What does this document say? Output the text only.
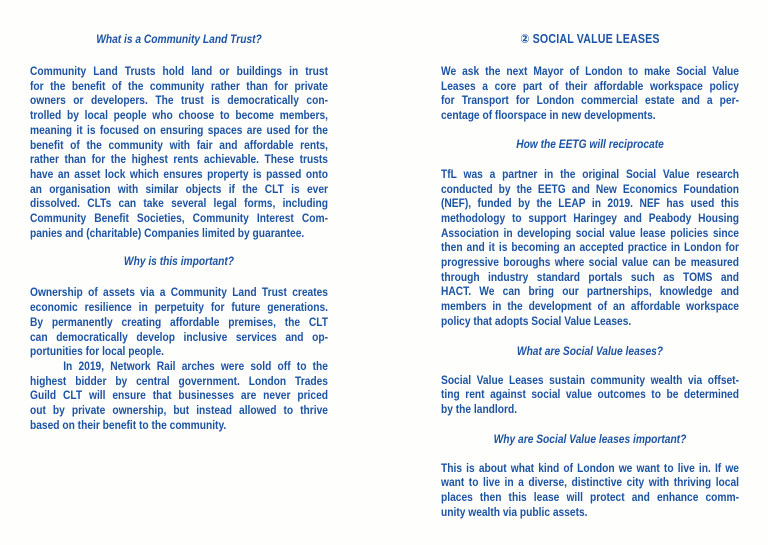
What is a Community Land Trust?
Community Land Trusts hold land or buildings in trust
for the benefit of the community rather than for private
owners or developers. The trust is democratically con-
trolled by local people who choose to become members,
meaning it is focused on ensuring spaces are used for the
benefit of the community with fair and affordable rents,
rather than for the highest rents achievable. These trusts
have an asset lock which ensures property is passed onto
an organisation with similar objects if the CLT is ever
dissolved. CLTs can take several legal forms, including
Community Benefit Societies, Community Interest Com-
panies and (charitable) Companies limited by guarantee.
Why is this important?
Ownership of assets via a Community Land Trust creates
economic resilience in perpetuity for future generations.
By permanently creating affordable premises, the CLT
can democratically develop inclusive services and op-
portunities for local people.
In 2019, Network Rail arches were sold off to the
highest bidder by central government. London Trades
Guild CLT will ensure that businesses are never priced
out by private ownership, but instead allowed to thrive
based on their benefit to the community.
② SOCIAL VALUE LEASES
We ask the next Mayor of London to make Social Value
Leases a core part of their affordable workspace policy
for Transport for London commercial estate and a per-
centage of floorspace in new developments.
How the EETG will reciprocate
TfL was a partner in the original Social Value research
conducted by the EETG and New Economics Foundation
(NEF), funded by the LEAP in 2019. NEF has used this
methodology to support Haringey and Peabody Housing
Association in developing social value lease policies since
then and it is becoming an accepted practice in London for
progressive boroughs where social value can be measured
through industry standard portals such as TOMS and
HACT. We can bring our partnerships, knowledge and
members in the development of an affordable workspace
policy that adopts Social Value Leases.
What are Social Value leases?
Social Value Leases sustain community wealth via offset-
ting rent against social value outcomes to be determined
by the landlord.
Why are Social Value leases important?
This is about what kind of London we want to live in. If we
want to live in a diverse, distinctive city with thriving local
places then this lease will protect and enhance comm-
unity wealth via public assets.
